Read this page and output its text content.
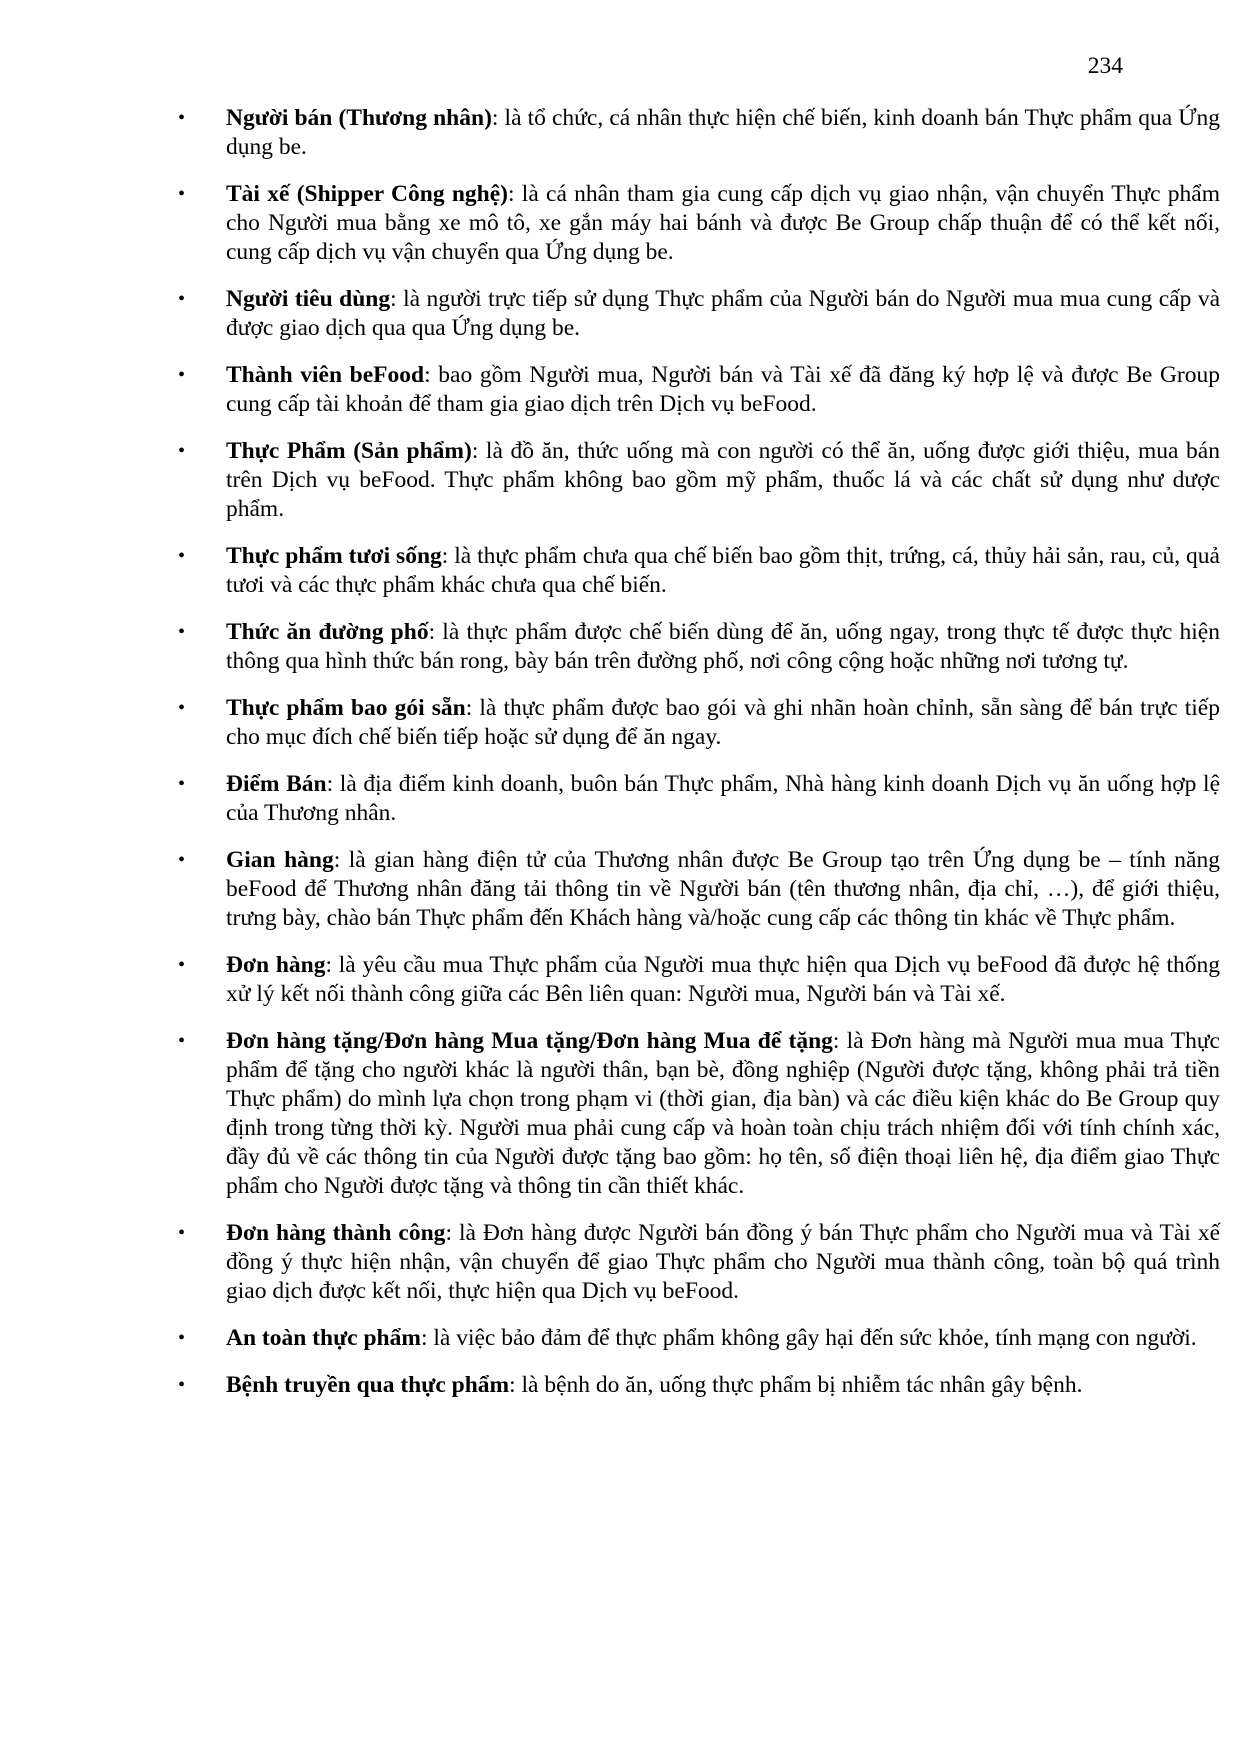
234
• Người bán (Thương nhân): là tổ chức, cá nhân thực hiện chế biến, kinh doanh bán Thực phẩm qua Ứng dụng be.
• Tài xế (Shipper Công nghệ): là cá nhân tham gia cung cấp dịch vụ giao nhận, vận chuyển Thực phẩm cho Người mua bằng xe mô tô, xe gắn máy hai bánh và được Be Group chấp thuận để có thể kết nối, cung cấp dịch vụ vận chuyển qua Ứng dụng be.
• Người tiêu dùng: là người trực tiếp sử dụng Thực phẩm của Người bán do Người mua mua cung cấp và được giao dịch qua qua Ứng dụng be.
• Thành viên beFood: bao gồm Người mua, Người bán và Tài xế đã đăng ký hợp lệ và được Be Group cung cấp tài khoản để tham gia giao dịch trên Dịch vụ beFood.
• Thực Phẩm (Sản phẩm): là đồ ăn, thức uống mà con người có thể ăn, uống được giới thiệu, mua bán trên Dịch vụ beFood. Thực phẩm không bao gồm mỹ phẩm, thuốc lá và các chất sử dụng như dược phẩm.
• Thực phẩm tươi sống: là thực phẩm chưa qua chế biến bao gồm thịt, trứng, cá, thủy hải sản, rau, củ, quả tươi và các thực phẩm khác chưa qua chế biến.
• Thức ăn đường phố: là thực phẩm được chế biến dùng để ăn, uống ngay, trong thực tế được thực hiện thông qua hình thức bán rong, bày bán trên đường phố, nơi công cộng hoặc những nơi tương tự.
• Thực phẩm bao gói sẵn: là thực phẩm được bao gói và ghi nhãn hoàn chỉnh, sẵn sàng để bán trực tiếp cho mục đích chế biến tiếp hoặc sử dụng để ăn ngay.
• Điểm Bán: là địa điểm kinh doanh, buôn bán Thực phẩm, Nhà hàng kinh doanh Dịch vụ ăn uống hợp lệ của Thương nhân.
• Gian hàng: là gian hàng điện tử của Thương nhân được Be Group tạo trên Ứng dụng be – tính năng beFood để Thương nhân đăng tải thông tin về Người bán (tên thương nhân, địa chỉ, …), để giới thiệu, trưng bày, chào bán Thực phẩm đến Khách hàng và/hoặc cung cấp các thông tin khác về Thực phẩm.
• Đơn hàng: là yêu cầu mua Thực phẩm của Người mua thực hiện qua Dịch vụ beFood đã được hệ thống xử lý kết nối thành công giữa các Bên liên quan: Người mua, Người bán và Tài xế.
• Đơn hàng tặng/Đơn hàng Mua tặng/Đơn hàng Mua để tặng: là Đơn hàng mà Người mua mua Thực phẩm để tặng cho người khác là người thân, bạn bè, đồng nghiệp (Người được tặng, không phải trả tiền Thực phẩm) do mình lựa chọn trong phạm vi (thời gian, địa bàn) và các điều kiện khác do Be Group quy định trong từng thời kỳ. Người mua phải cung cấp và hoàn toàn chịu trách nhiệm đối với tính chính xác, đầy đủ về các thông tin của Người được tặng bao gồm: họ tên, số điện thoại liên hệ, địa điểm giao Thực phẩm cho Người được tặng và thông tin cần thiết khác.
• Đơn hàng thành công: là Đơn hàng được Người bán đồng ý bán Thực phẩm cho Người mua và Tài xế đồng ý thực hiện nhận, vận chuyển để giao Thực phẩm cho Người mua thành công, toàn bộ quá trình giao dịch được kết nối, thực hiện qua Dịch vụ beFood.
• An toàn thực phẩm: là việc bảo đảm để thực phẩm không gây hại đến sức khỏe, tính mạng con người.
• Bệnh truyền qua thực phẩm: là bệnh do ăn, uống thực phẩm bị nhiễm tác nhân gây bệnh.
